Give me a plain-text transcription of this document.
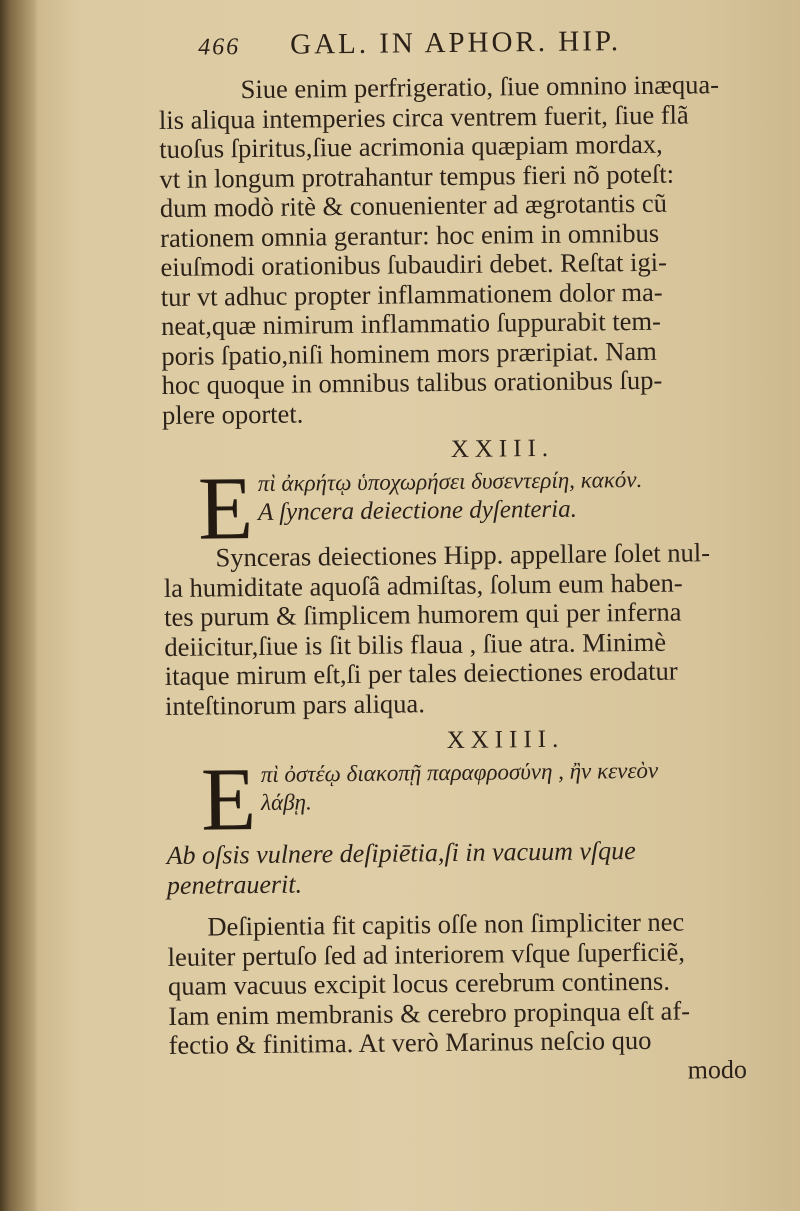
466 GAL. IN APHOR. HIP.
Siue enim perfrigeratio, ſiue omnino inæqua-
lis aliqua intemperies circa ventrem fuerit, ſiue flã
tuoſus ſpiritus,ſiue acrimonia quæpiam mordax,
vt in longum protrahantur tempus fieri nõ poteſt:
dum modò ritè & conuenienter ad ægrotantis cũ
rationem omnia gerantur: hoc enim in omnibus
eiuſmodi orationibus ſubaudiri debet. Reſtat igi-
tur vt adhuc propter inflammationem dolor ma-
neat,quæ nimirum inflammatio ſuppurabit tem-
poris ſpatio,niſi hominem mors præripiat. Nam
hoc quoque in omnibus talibus orationibus ſup-
plere oportet.
XXIII.
E πὶ ἀκρήτῳ ὑποχωρήσει δυσεντερίη, κακόν.
A ſyncera deiectione dyſenteria.
Synceras deiectiones Hipp. appellare ſolet nul-
la humiditate aquoſâ admiſtas, ſolum eum haben-
tes purum & ſimplicem humorem qui per inferna
deiicitur,ſiue is ſit bilis flaua , ſiue atra. Minimè
itaque mirum eſt,ſi per tales deiectiones erodatur
inteſtinorum pars aliqua.
XXIIII.
E πὶ ὀστέῳ διακοπῇ παραφροσύνη , ἢν κενεὸν
λάβῃ.
Ab oſsis vulnere deſipiētia,ſi in vacuum vſque
penetrauerit.
Deſipientia fit capitis oſſe non ſimpliciter nec
leuiter pertuſo ſed ad interiorem vſque ſuperficiẽ,
quam vacuus excipit locus cerebrum continens.
Iam enim membranis & cerebro propinqua eſt af-
fectio & finitima. At verò Marinus neſcio quo
modo
